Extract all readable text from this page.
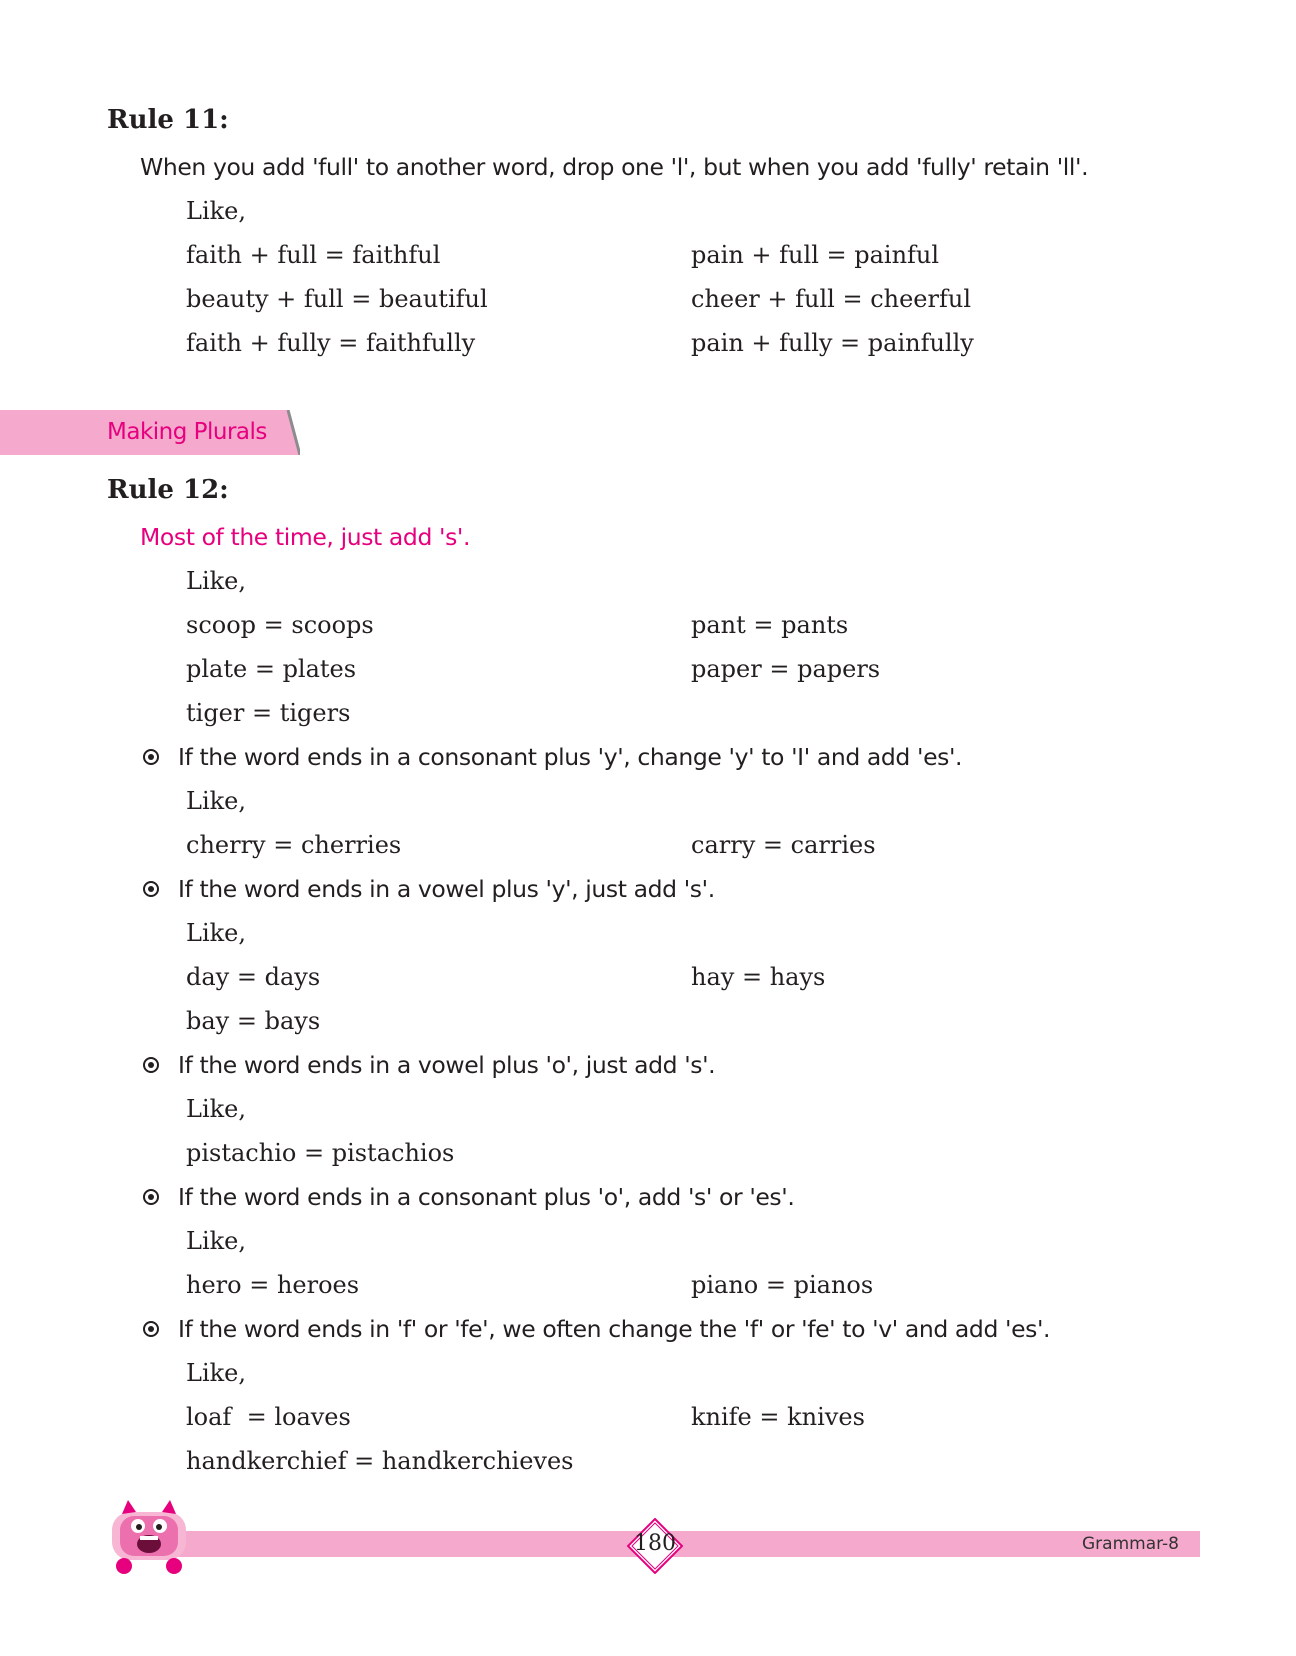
Rule 11:
When you add 'full' to another word, drop one 'l', but when you add 'fully' retain 'll'.
Like,
faith + full = faithful	pain + full = painful
beauty + full = beautiful	cheer + full = cheerful
faith + fully = faithfully	pain + fully = painfully
Making Plurals
Rule 12:
Most of the time, just add 's'.
Like,
scoop = scoops	pant = pants
plate = plates	paper = papers
tiger = tigers
If the word ends in a consonant plus 'y', change 'y' to 'I' and add 'es'.
Like,
cherry = cherries	carry = carries
If the word ends in a vowel plus 'y', just add 's'.
Like,
day = days	hay = hays
bay = bays
If the word ends in a vowel plus 'o', just add 's'.
Like,
pistachio = pistachios
If the word ends in a consonant plus 'o', add 's' or 'es'.
Like,
hero = heroes	piano = pianos
If the word ends in 'f' or 'fe', we often change the 'f' or 'fe' to 'v' and add 'es'.
Like,
loaf  = loaves	knife = knives
handkerchief = handkerchieves
180	Grammar-8
